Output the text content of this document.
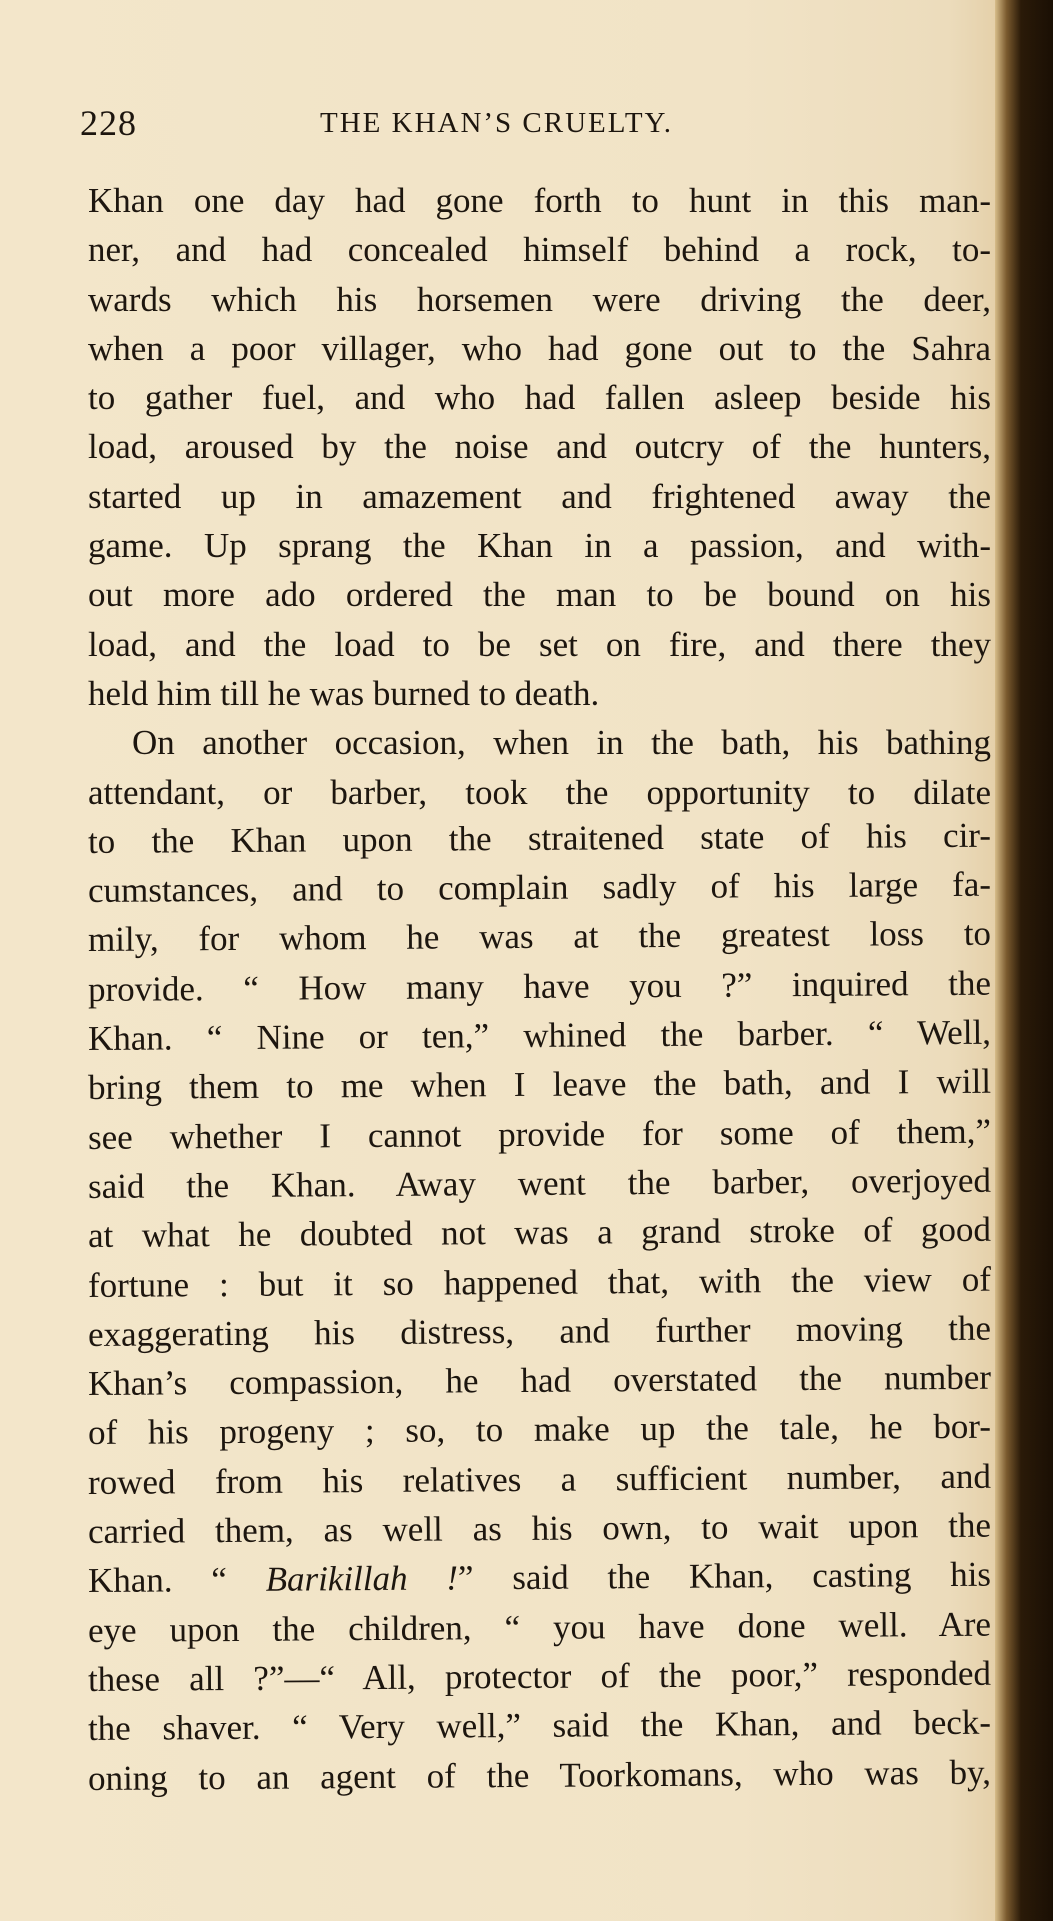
228	THE KHAN’S CRUELTY.
Khan one day had gone forth to hunt in this man-
ner, and had concealed himself behind a rock, to-
wards which his horsemen were driving the deer,
when a poor villager, who had gone out to the Sahra
to gather fuel, and who had fallen asleep beside his
load, aroused by the noise and outcry of the hunters,
started up in amazement and frightened away the
game. Up sprang the Khan in a passion, and with-
out more ado ordered the man to be bound on his
load, and the load to be set on fire, and there they
held him till he was burned to death.
On another occasion, when in the bath, his bathing
attendant, or barber, took the opportunity to dilate
to the Khan upon the straitened state of his cir-
cumstances, and to complain sadly of his large fa-
mily, for whom he was at the greatest loss to
provide. “ How many have you ?” inquired the
Khan. “ Nine or ten,” whined the barber. “ Well,
bring them to me when I leave the bath, and I will
see whether I cannot provide for some of them,”
said the Khan. Away went the barber, overjoyed
at what he doubted not was a grand stroke of good
fortune : but it so happened that, with the view of
exaggerating his distress, and further moving the
Khan’s compassion, he had overstated the number
of his progeny ; so, to make up the tale, he bor-
rowed from his relatives a sufficient number, and
carried them, as well as his own, to wait upon the
Khan. “ Barikillah !” said the Khan, casting his
eye upon the children, “ you have done well. Are
these all ?”—“ All, protector of the poor,” responded
the shaver. “ Very well,” said the Khan, and beck-
oning to an agent of the Toorkomans, who was by,
